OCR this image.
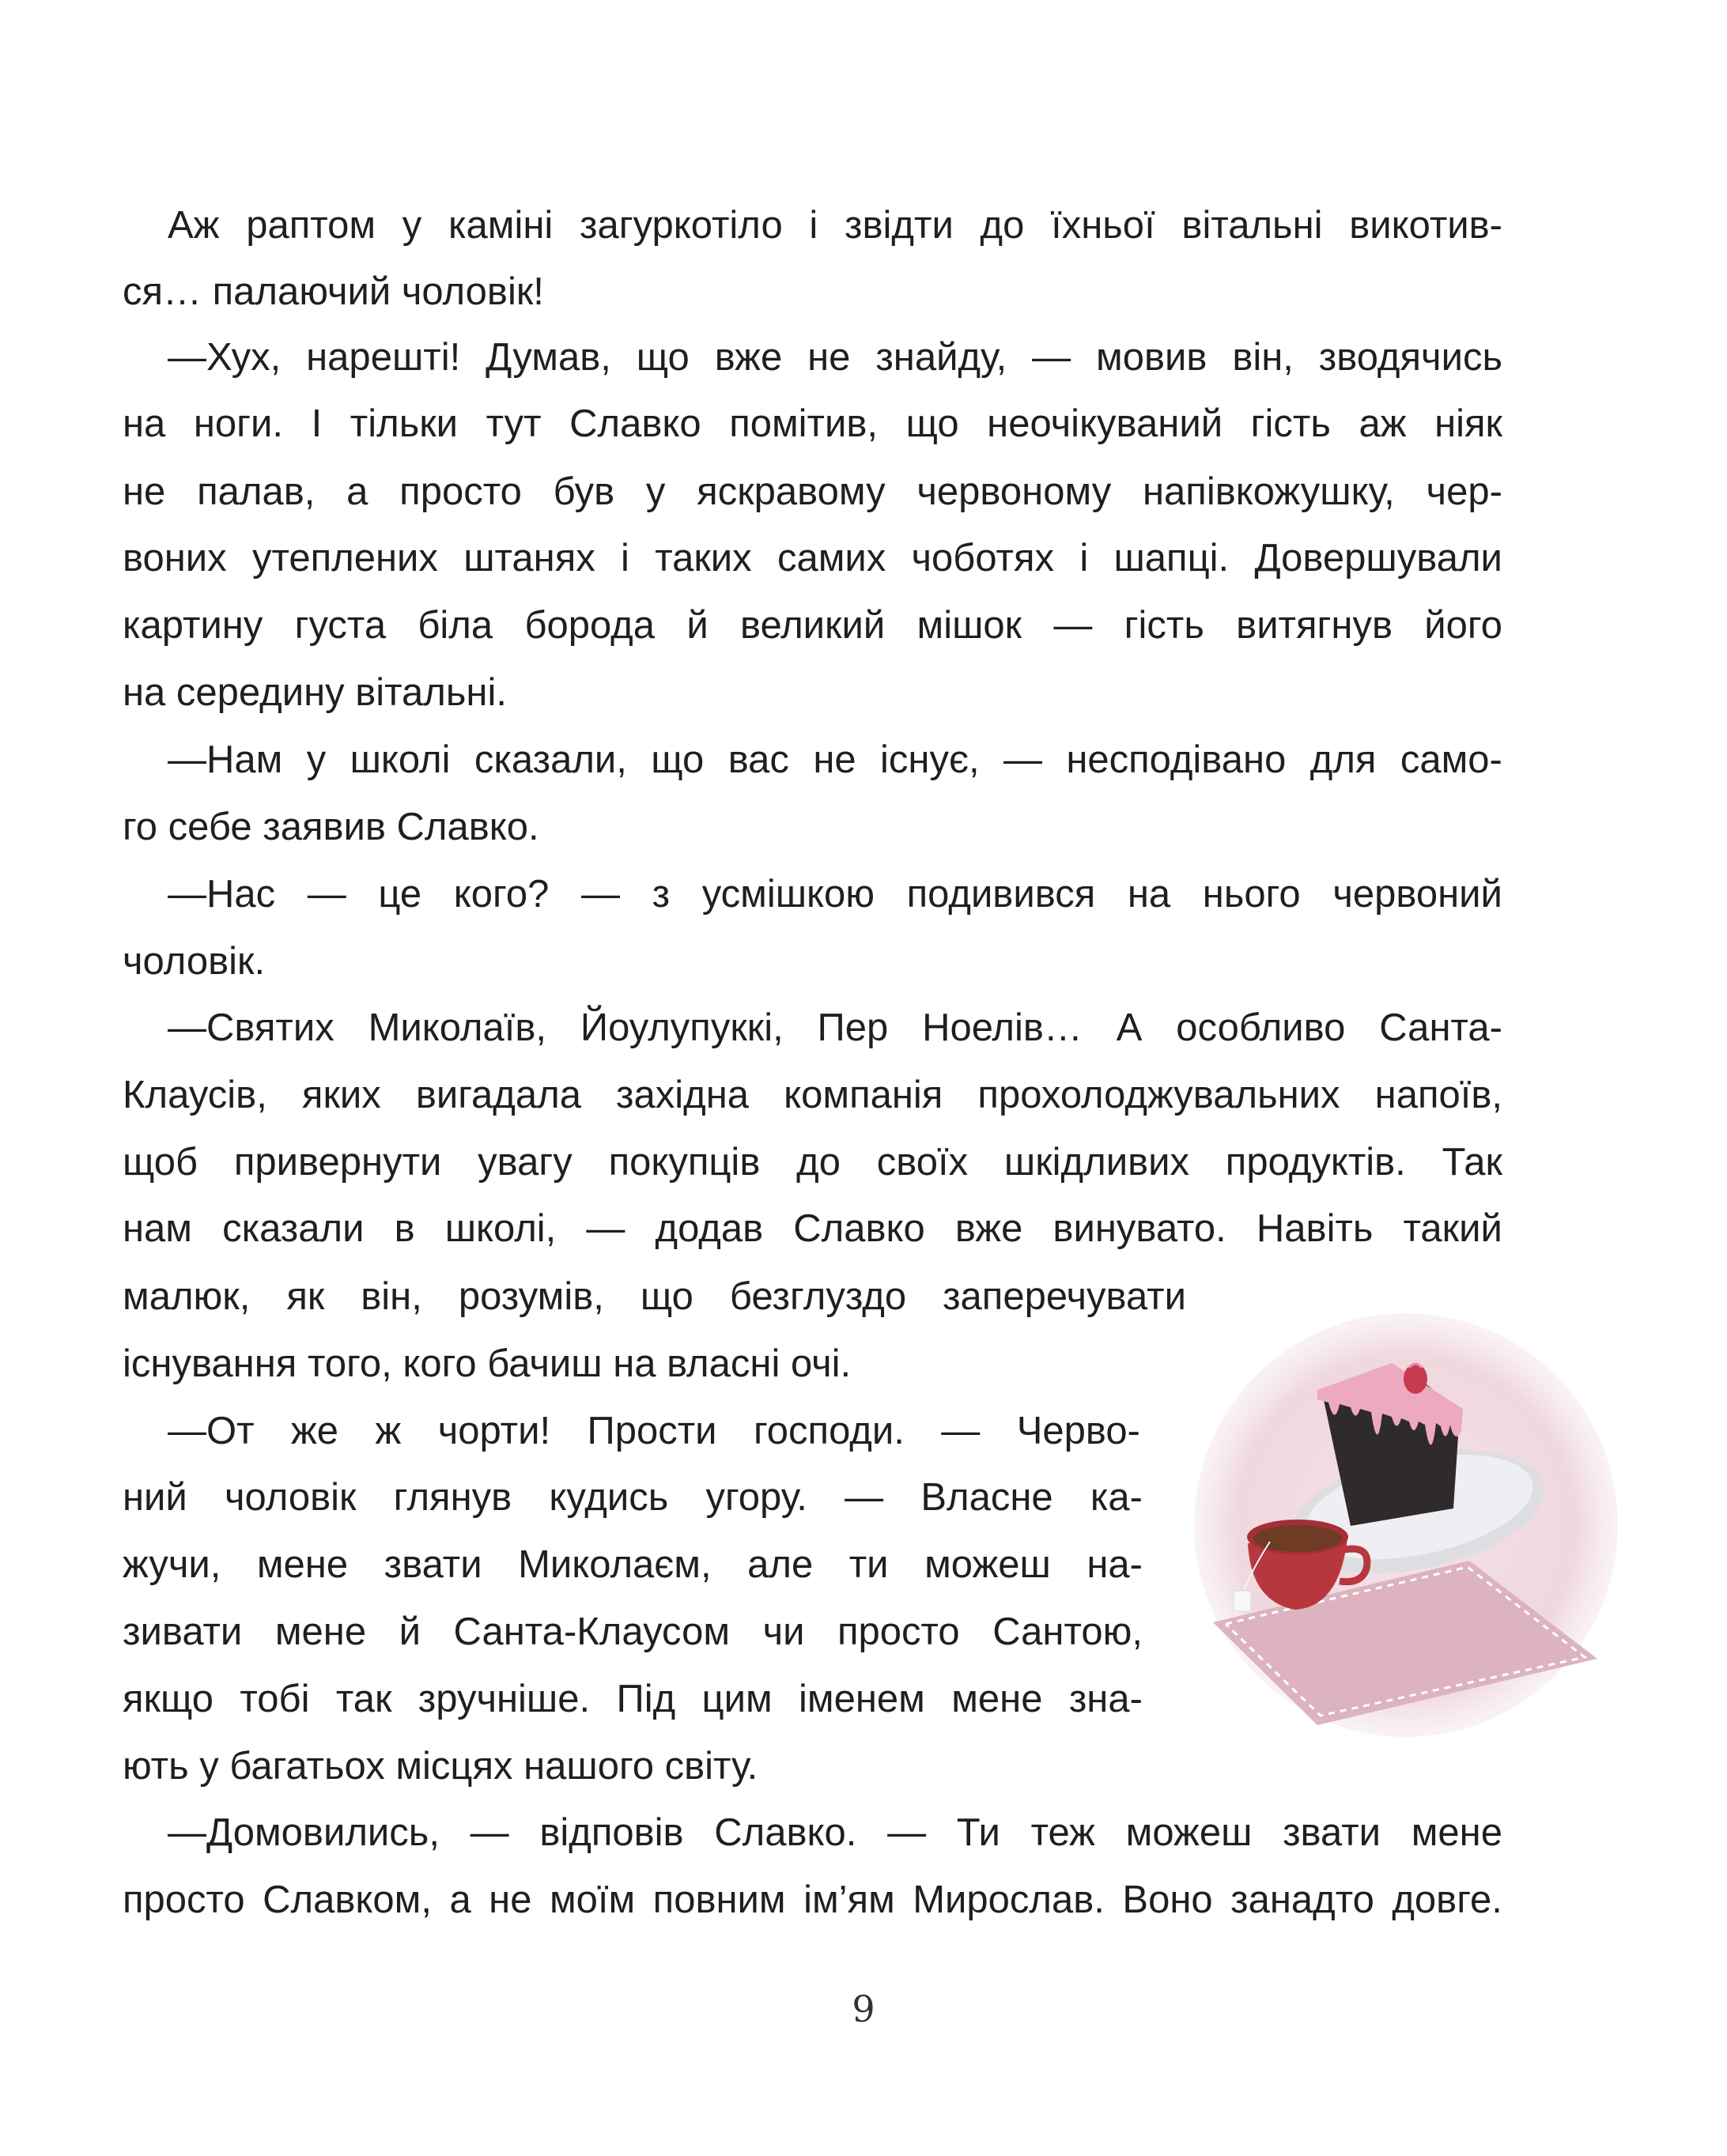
Аж раптом у каміні загуркотіло і звідти до їхньої вітальні викотив-
ся… палаючий чоловік!
—Хух, нарешті! Думав, що вже не знайду, — мовив він, зводячись
на ноги. І тільки тут Славко помітив, що неочікуваний гість аж ніяк
не палав, а просто був у яскравому червоному напівкожушку, чер-
воних утеплених штанях і таких самих чоботях і шапці. Довершували
картину густа біла борода й великий мішок — гість витягнув його
на середину вітальні.
—Нам у школі сказали, що вас не існує, — несподівано для само-
го себе заявив Славко.
—Нас — це кого? — з усмішкою подивився на нього червоний
чоловік.
—Святих Миколаїв, Йоулупуккі, Пер Ноелів… А особливо Санта-
Клаусів, яких вигадала західна компанія прохолоджувальних напоїв,
щоб привернути увагу покупців до своїх шкідливих продуктів. Так
нам сказали в школі, — додав Славко вже винувато. Навіть такий
малюк, як він, розумів, що безглуздо заперечувати
існування того, кого бачиш на власні очі.
—От же ж чорти! Прости господи. — Черво-
ний чоловік глянув кудись угору. — Власне ка-
жучи, мене звати Миколаєм, але ти можеш на-
зивати мене й Санта-Клаусом чи просто Сантою,
якщо тобі так зручніше. Під цим іменем мене зна-
ють у багатьох місцях нашого світу.
—Домовились, — відповів Славко. — Ти теж можеш звати мене
просто Славком, а не моїм повним ім’ям Мирослав. Воно занадто довге.
9
